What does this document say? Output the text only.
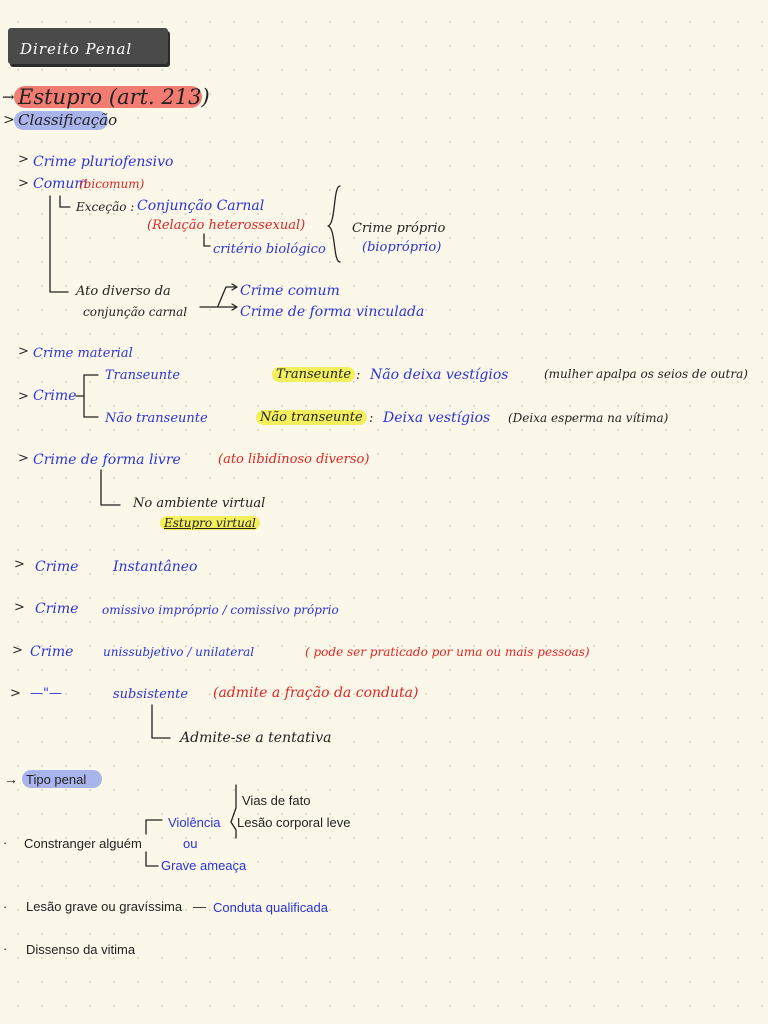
Direito Penal
→ Estupro (art. 213)
> Classificação
> Crime pluriofensivo
> Comum
(bicomum)
Exceção : Conjunção Carnal
(Relação heterossexual)
critério biológico
Crime próprio
(biopróprio)
Ato diverso da
conjunção carnal
Crime comum
Crime de forma vinculada
> Crime material
> Crime
Transeunte
Não transeunte
Transeunte : Não deixa vestígios	(mulher apalpa os seios de outra)
Não transeunte : Deixa vestígios (Deixa esperma na vítima)
> Crime de forma livre	(ato libidinoso diverso)
No ambiente virtual
Estupro virtual
> Crime Instantâneo
> Crime omissivo impróprio / comissivo próprio
> Crime unissubjetivo / unilateral	( pode ser praticado por uma ou mais pessoas)
> —"—	subsistente (admite a fração da conduta)
Admite-se a tentativa
→ Tipo penal
· Constranger alguém
Violência
ou
Grave ameaça
Vias de fato
Lesão corporal leve
· Lesão grave ou gravíssima — Conduta qualificada
· Dissenso da vitima
